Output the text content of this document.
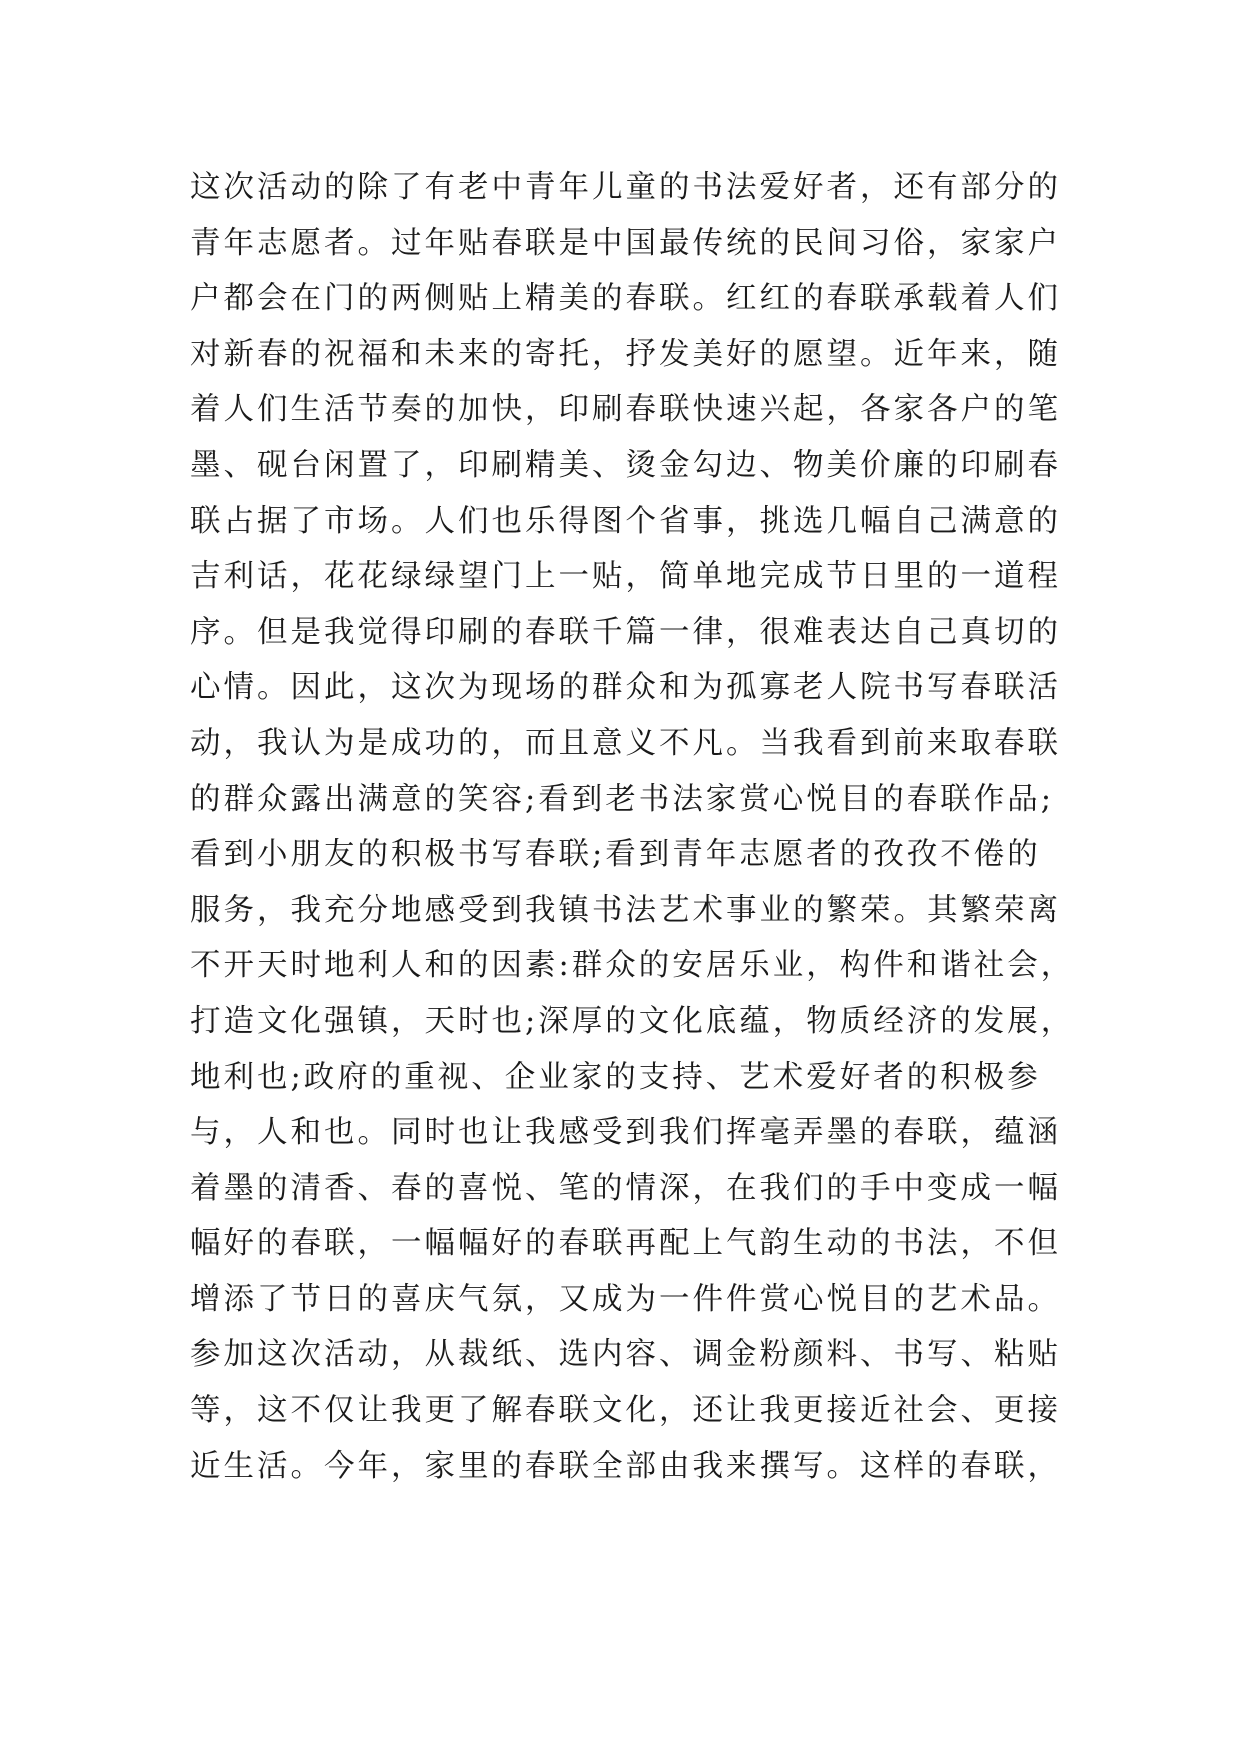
这次活动的除了有老中青年儿童的书法爱好者，还有部分的
青年志愿者。过年贴春联是中国最传统的民间习俗，家家户
户都会在门的两侧贴上精美的春联。红红的春联承载着人们
对新春的祝福和未来的寄托，抒发美好的愿望。近年来，随
着人们生活节奏的加快，印刷春联快速兴起，各家各户的笔
墨、砚台闲置了，印刷精美、烫金勾边、物美价廉的印刷春
联占据了市场。人们也乐得图个省事，挑选几幅自己满意的
吉利话，花花绿绿望门上一贴，简单地完成节日里的一道程
序。但是我觉得印刷的春联千篇一律，很难表达自己真切的
心情。因此，这次为现场的群众和为孤寡老人院书写春联活
动，我认为是成功的，而且意义不凡。当我看到前来取春联
的群众露出满意的笑容;看到老书法家赏心悦目的春联作品;
看到小朋友的积极书写春联;看到青年志愿者的孜孜不倦的
服务，我充分地感受到我镇书法艺术事业的繁荣。其繁荣离
不开天时地利人和的因素:群众的安居乐业，构件和谐社会，
打造文化强镇，天时也;深厚的文化底蕴，物质经济的发展，
地利也;政府的重视、企业家的支持、艺术爱好者的积极参
与，人和也。同时也让我感受到我们挥毫弄墨的春联，蕴涵
着墨的清香、春的喜悦、笔的情深，在我们的手中变成一幅
幅好的春联，一幅幅好的春联再配上气韵生动的书法，不但
增添了节日的喜庆气氛，又成为一件件赏心悦目的艺术品。
参加这次活动，从裁纸、选内容、调金粉颜料、书写、粘贴
等，这不仅让我更了解春联文化，还让我更接近社会、更接
近生活。今年，家里的春联全部由我来撰写。这样的春联，
